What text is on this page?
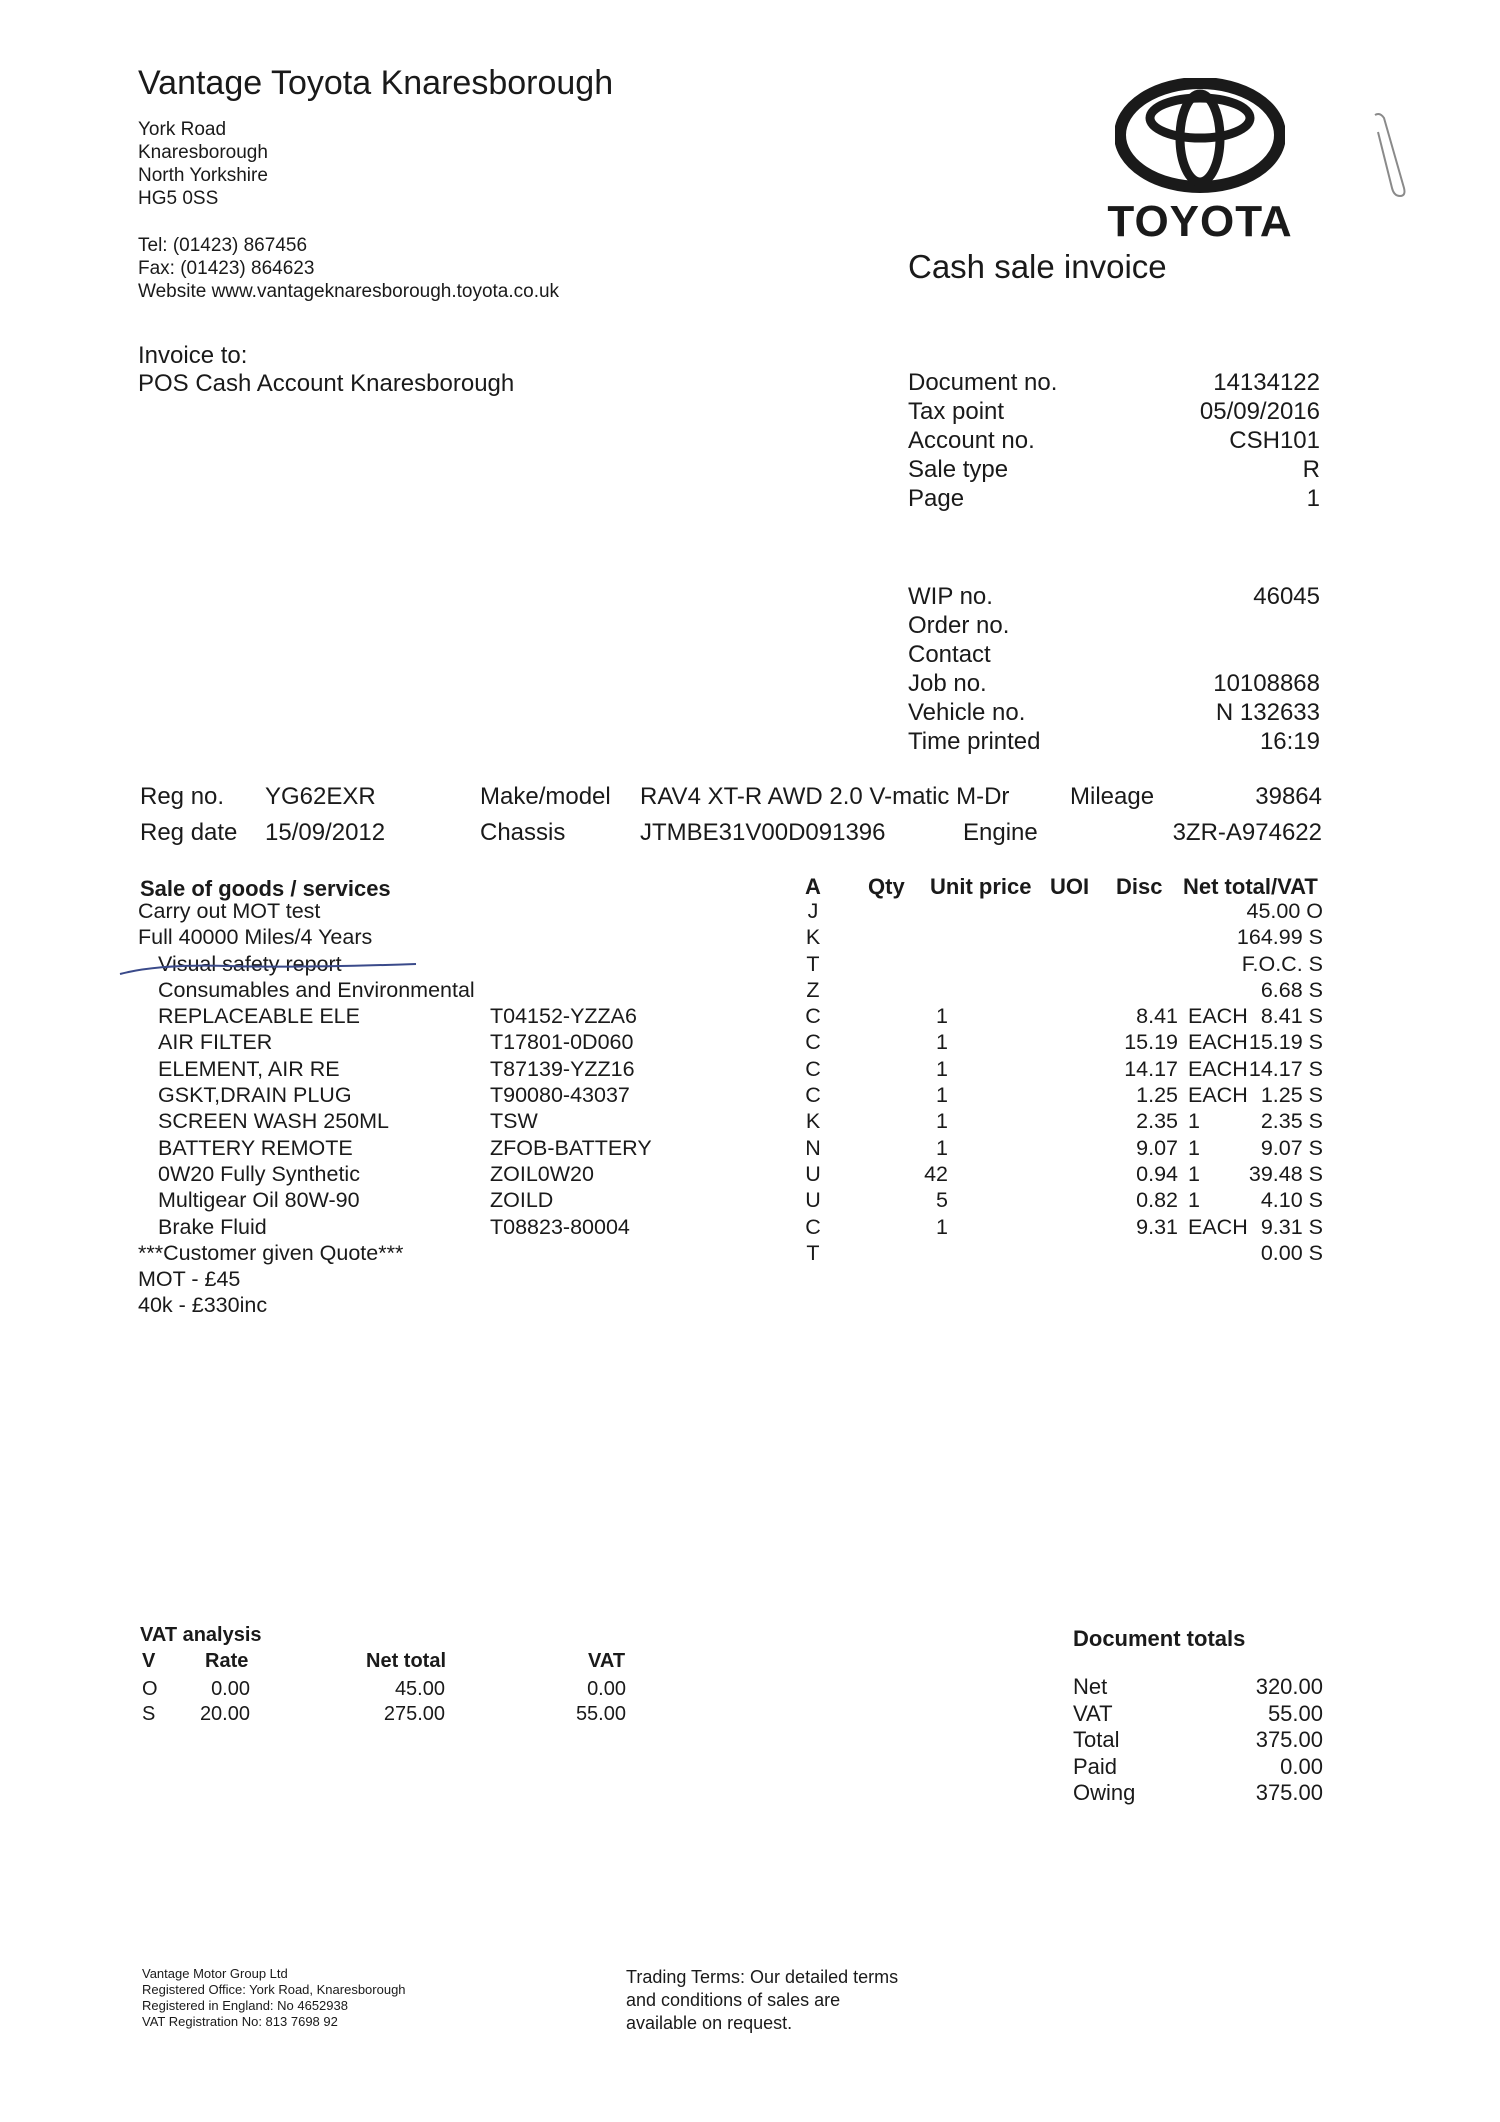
Vantage Toyota Knaresborough
York Road
Knaresborough
North Yorkshire
HG5 0SS
Tel: (01423) 867456
Fax: (01423) 864623
Website www.vantageknaresborough.toyota.co.uk
TOYOTA
Cash sale invoice
Invoice to:
POS Cash Account Knaresborough	Document no.	14134122
Tax point	05/09/2016
Account no.	CSH101
Sale type	R
Page	1
WIP no.	46045
Order no.
Contact
Job no.	10108868
Vehicle no.	N 132633
Time printed	16:19
Reg no. YG62EXR	Make/model RAV4 XT-R AWD 2.0 V-matic M-Dr	Mileage	39864
Reg date 15/09/2012	Chassis	JTMBE31V00D091396	Engine	3ZR-A974622
Sale of goods / services	A	Qty Unit price UOI Disc Net total/VAT
Carry out MOT test	J	45.00 O
Full 40000 Miles/4 Years	K	164.99 S
Visual safety report	T	F.O.C. S
Consumables and Environmental	Z	6.68 S
REPLACEABLE ELE	T04152-YZZA6	C	1	8.41 EACH 8.41 S
AIR FILTER	T17801-0D060	C	1	15.19 EACH 15.19 S
ELEMENT, AIR RE	T87139-YZZ16	C	1	14.17 EACH 14.17 S
GSKT,DRAIN PLUG	T90080-43037	C	1	1.25 EACH 1.25 S
SCREEN WASH 250ML	TSW	K	1	2.35 1	2.35 S
BATTERY REMOTE	ZFOB-BATTERY	N	1	9.07 1	9.07 S
0W20 Fully Synthetic	ZOIL0W20	U	42	0.94 1	39.48 S
Multigear Oil 80W-90	ZOILD	U	5	0.82 1	4.10 S
Brake Fluid	T08823-80004	C	1	9.31 EACH 9.31 S
***Customer given Quote***	T	0.00 S
MOT - £45
40k - £330inc
VAT analysis
V Rate	Net total	VAT
O	0.00	45.00	0.00
S	20.00	275.00	55.00
Document totals
Net	320.00
VAT	55.00
Total	375.00
Paid	0.00
Owing	375.00
Vantage Motor Group Ltd
Registered Office: York Road, Knaresborough
Registered in England: No 4652938
VAT Registration No: 813 7698 92
Trading Terms: Our detailed terms
and conditions of sales are
available on request.
